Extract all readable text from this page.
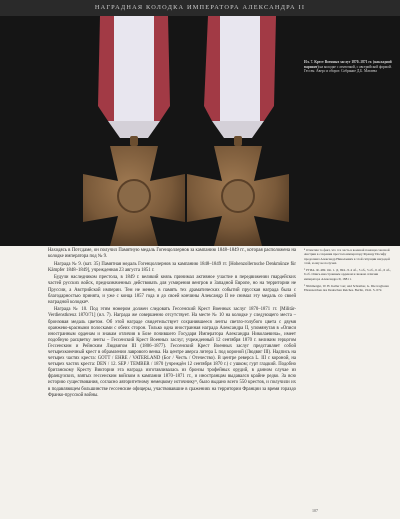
НАГРАДНАЯ КОЛОДКА ИМПЕРАТОРА АЛЕКСАНДРА II
Ил. 7. Крест Военных заслуг 1870–1871 гг. (накладной вариант) на колодке с ленточкой, с австрийской формой. Гессен. Аверс и оборот. Собрание Д.Б. Матаева

Находясь в Потсдаме, он получил Памятную медаль Гогенцоллернов за кампанию 1848–1849 гг., которая расположена на колодке императора под № 9.

Награда № 9. (кат. 35) Памятная медаль Гогенцоллернов за кампанию 1848–1849 гг. [Hohenzollernsche Denkmünze für Kämpfer 1848–1849], учрежденная 23 августа 1851 г.

Будучи наследником престола, в 1849 г. великий князь принимал активное участие в передвижении гвардейских частей русских войск, предназначенных действовать для усмирения венгров и Западной Европе, но на территории не Пруссии, а Австрийской империи. Тем не менее, в память тех драматических событий прусская награда была с благодарностью принята, и уже с конца 1857 года и до своей кончины Александр II не снимал эту медаль со своей наградной колодки⁸.

Награда № 10. Под этим номером должен следовать Гессенский Крест Военных заслуг 1870–1871 гг. [Militär-Verdienstkreuz 1870/71] (ил. 7). Награда же совершенно отсутствует. На месте № 10 на колодке у следующего места – бронзовая медаль цветом. Об этой награде свидетельствует сохранившееся ленты светло-голубого цвета с двумя оранжево-красными полосками с обеих сторон. Только одна иностранная награда Александра II, упомянутая в «Описи иностранным орденам и знакам отличия в Бозе почившего Государя Императора Александра Николаевича», имеет подобную расцветку ленты – Гессенский Крест Военных заслуг, учрежденный 12 сентября 1870 г. великим герцогом Гессенским и Рейнским Людвигом III (1806–1877). Гессенский Крест Военных заслуг представляет собой четырехконечный крест в обрамлении лаврового венка. На центре аверса литера L под короной (Людвиг III). Надпись на четырех частях креста: GOTT / EHRE / VATERLAND (Бог / Честь / Отечество). В центре реверса L. III с короной, на четырех частях креста: DEN / 12. SEP / TEMBER / 1870 (учреждён 12 сентября 1870 г.) с ушком; гурт гладкий. Подобно британскому Кресту Виктории эта награда изготавливалась из бронзы трофейных орудий, в данном случае из французских, взятых гессенским войском в кампании 1870–1871 гг., и иностранцам выдавался крайне редко. За всю историю существования, согласно авторитетному немецкому источнику⁹, было выдано всего 550 крестов, и получили их в подавляющем большинстве гессенские офицеры, участвовавшие в сражениях на территории Франции за время гораздо Франко-прусской войны.

⁸ Отметим то факт, что эта часть в военной помощи союзной Австрии в сохранив престола императору Францу Иосифу продолжил Александр Николаевич в этой ситуации наградой этой, и ему не получил.

⁹ РГИА. Ф. 469. Оп. 1. Д. 694. Л. 4 об., 5 об., 5 об., 6 об., 6 об., 6 об. Опись иностранным орденам и знакам отличия императора Александра II, 1881 г.

⁹ Nimmergut, W. H. Keller von; und Schreiber, G. Die tragbaren Ehrenzeichen des Deutschen Reiches. Berlin, 1941. S. 672.

107
